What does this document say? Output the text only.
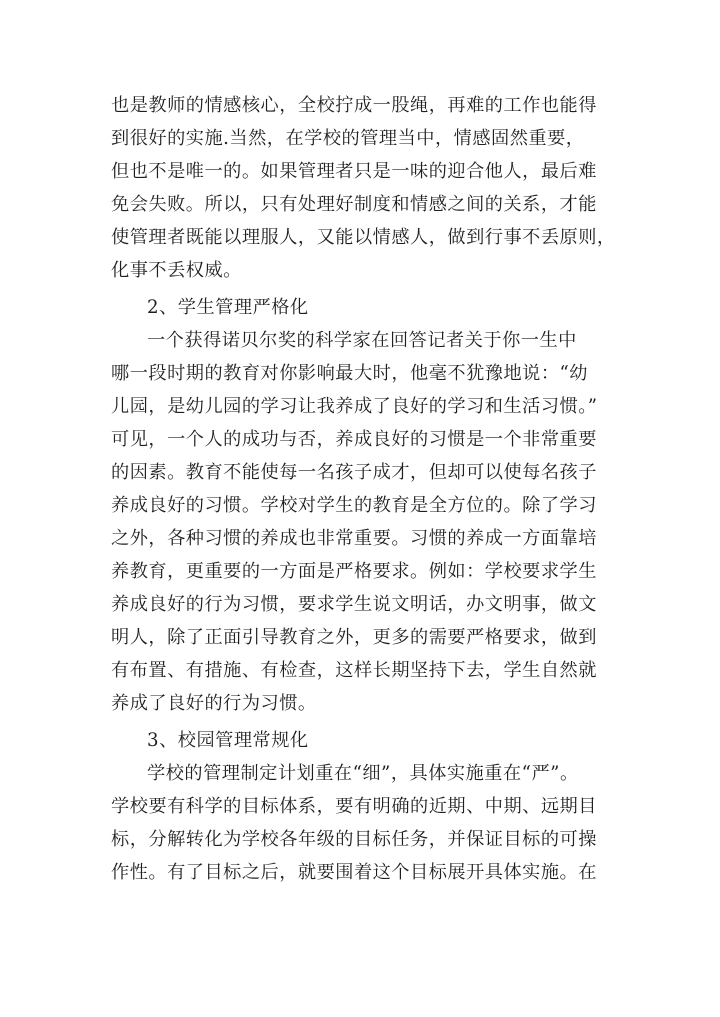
也是教师的情感核心，全校拧成一股绳，再难的工作也能得

到很好的实施.当然，在学校的管理当中，情感固然重要，

但也不是唯一的。如果管理者只是一味的迎合他人，最后难

免会失败。所以，只有处理好制度和情感之间的关系，才能

使管理者既能以理服人，又能以情感人，做到行事不丢原则，

化事不丢权威。

2、学生管理严格化

一个获得诺贝尔奖的科学家在回答记者关于你一生中

哪一段时期的教育对你影响最大时，他毫不犹豫地说：“幼

儿园，是幼儿园的学习让我养成了良好的学习和生活习惯。”

可见，一个人的成功与否，养成良好的习惯是一个非常重要

的因素。教育不能使每一名孩子成才，但却可以使每名孩子

养成良好的习惯。学校对学生的教育是全方位的。除了学习

之外，各种习惯的养成也非常重要。习惯的养成一方面靠培

养教育，更重要的一方面是严格要求。例如：学校要求学生

养成良好的行为习惯，要求学生说文明话，办文明事，做文

明人，除了正面引导教育之外，更多的需要严格要求，做到

有布置、有措施、有检查，这样长期坚持下去，学生自然就

养成了良好的行为习惯。

3、校园管理常规化

学校的管理制定计划重在“细”，具体实施重在“严”。

学校要有科学的目标体系，要有明确的近期、中期、远期目

标，分解转化为学校各年级的目标任务，并保证目标的可操

作性。有了目标之后，就要围着这个目标展开具体实施。在
